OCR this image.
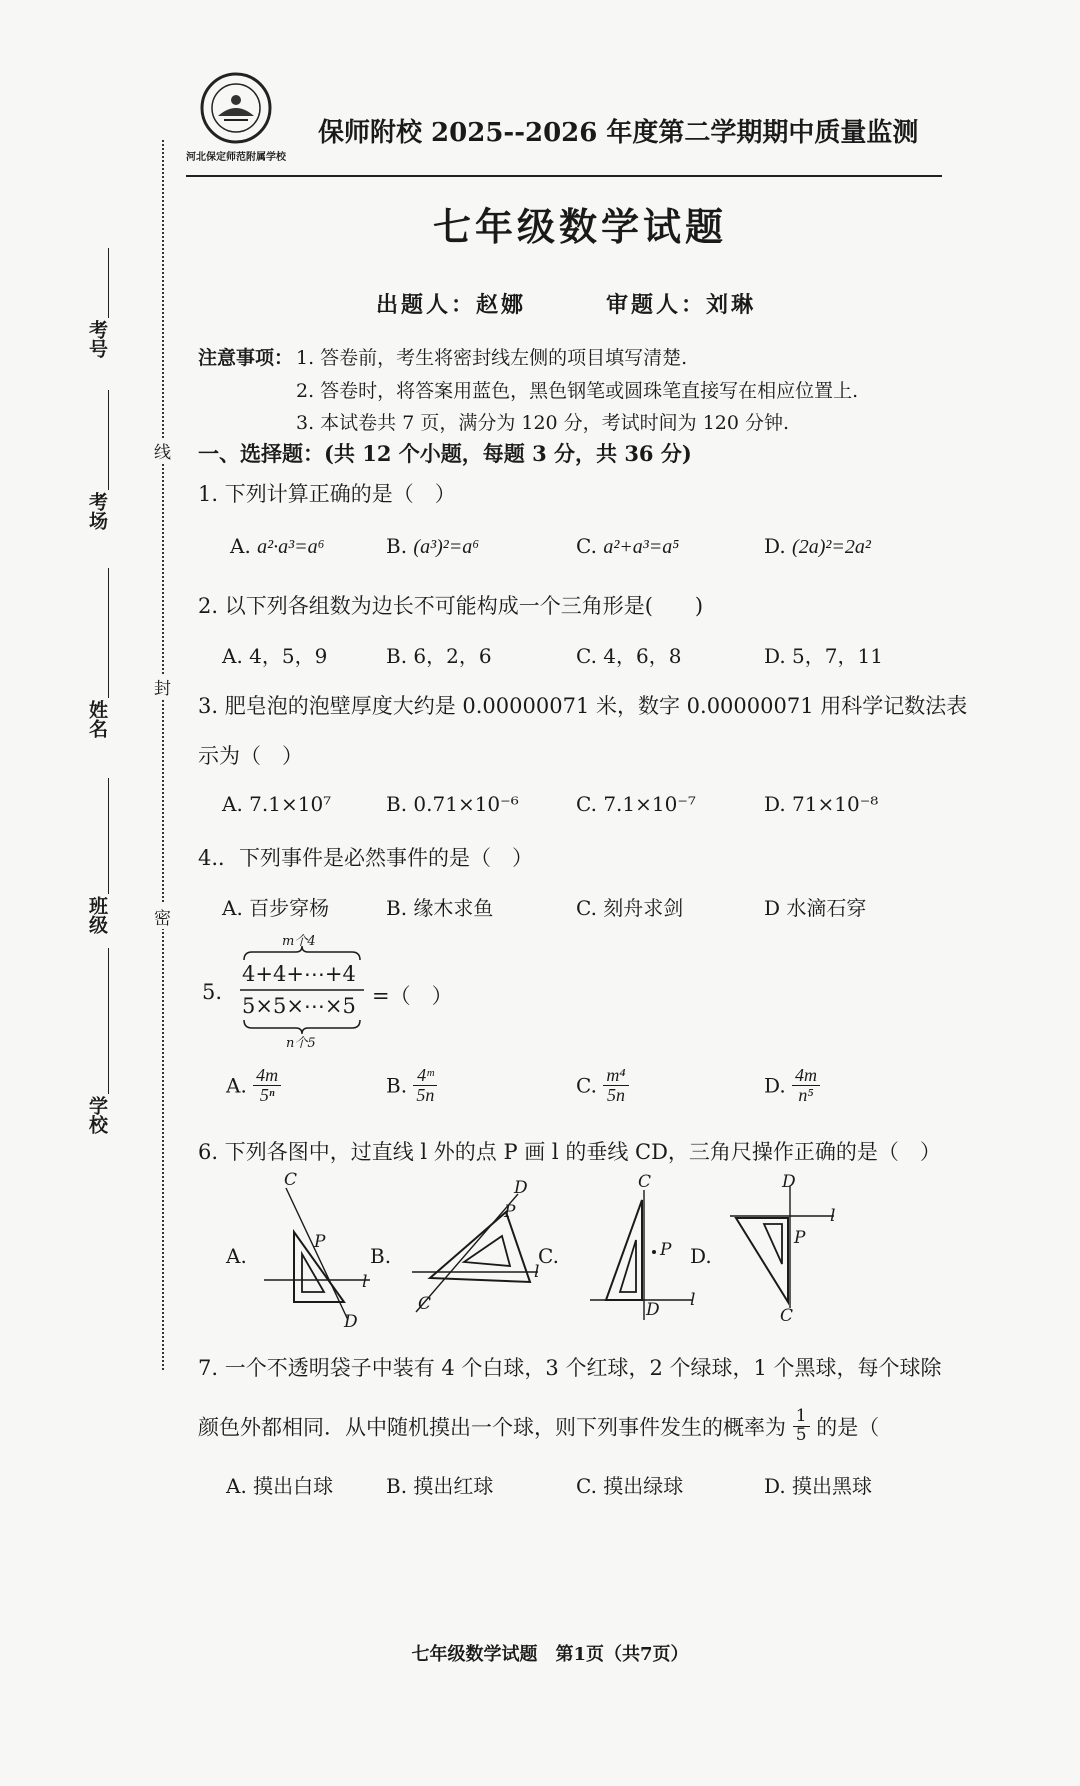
考号
考场
姓名
班级
学校
线
封
密
河北保定师范附属学校
保师附校 2025--2026 年度第二学期期中质量监测
七年级数学试题
出题人：赵娜	审题人：刘琳
注意事项： 1. 答卷前，考生将密封线左侧的项目填写清楚.
2. 答卷时，将答案用蓝色，黑色钢笔或圆珠笔直接写在相应位置上.
3. 本试卷共 7 页，满分为 120 分，考试时间为 120 分钟.
一、选择题：(共 12 个小题，每题 3 分，共 36 分)
1. 下列计算正确的是（　）
A. a²·a³=a⁶	B. (a³)²=a⁶	C. a²+a³=a⁵	D. (2a)²=2a²
2. 以下列各组数为边长不可能构成一个三角形是(　　)
A. 4，5，9	B. 6，2，6	C. 4，6，8	D. 5，7，11
3. 肥皂泡的泡壁厚度大约是 0.00000071 米，数字 0.00000071 用科学记数法表
示为（　）
A. 7.1×10⁷	B. 0.71×10⁻⁶	C. 7.1×10⁻⁷	D. 71×10⁻⁸
4.．下列事件是必然事件的是（　）
A. 百步穿杨	B. 缘木求鱼	C. 刻舟求剑	D 水滴石穿
5.
m个4
4+4+⋯+4
5×5×⋯×5
n个5
=（　）
A. $\frac{4m}{\text{5ⁿ}}$	B. $\frac{\text{4ᵐ}}{5n}$	C. $\frac{\text{m⁴}}{5n}$	D. $\frac{4m}{\text{n⁵}}$
6. 下列各图中，过直线 l 外的点 P 画 l 的垂线 CD，三角尺操作正确的是（　）
A.
C
P
l
D
B.
D
P
l
C
C.
C
P
D l
D.
D
l
P
C
7. 一个不透明袋子中装有 4 个白球，3 个红球，2 个绿球，1 个黑球，每个球除
颜色外都相同．从中随机摸出一个球，则下列事件发生的概率为 $\frac{1}{5}$ 的是（
A. 摸出白球	B. 摸出红球	C. 摸出绿球	D. 摸出黑球
七年级数学试题　第1页（共7页）
